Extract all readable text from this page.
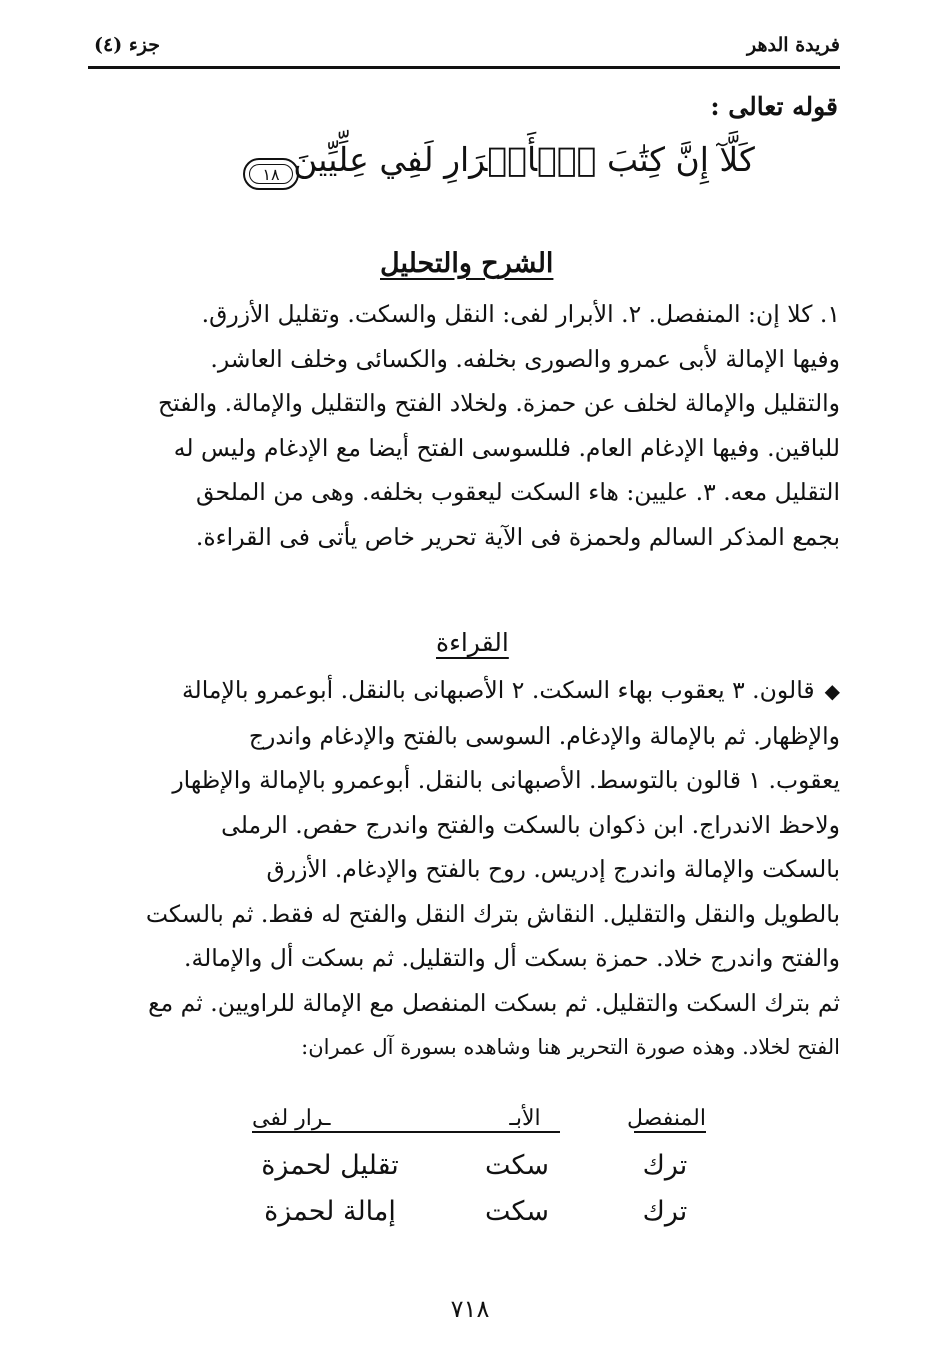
فريدة الدهر
جزء (٤)
قوله تعالى :
كَلَّآ إِنَّ كِتَٰبَ ٱلۡأَبۡرَارِ لَفِي عِلِّيِّينَ
١٨
الشرح والتحليل
١. كلا إن: المنفصل. ٢. الأبرار لفى: النقل والسكت. وتقليل الأزرق.
وفيها الإمالة لأبى عمرو والصورى بخلفه. والكسائى وخلف العاشر.
والتقليل والإمالة لخلف عن حمزة. ولخلاد الفتح والتقليل والإمالة. والفتح
للباقين. وفيها الإدغام العام. فللسوسى الفتح أيضا مع الإدغام وليس له
التقليل معه. ٣. عليين: هاء السكت ليعقوب بخلفه. وهى من الملحق
بجمع المذكر السالم ولحمزة فى الآية تحرير خاص يأتى فى القراءة.
القراءة
◆قالون. ٣ يعقوب بهاء السكت. ٢ الأصبهانى بالنقل. أبوعمرو بالإمالة
والإظهار. ثم بالإمالة والإدغام. السوسى بالفتح والإدغام واندرج
يعقوب. ١ قالون بالتوسط. الأصبهانى بالنقل. أبوعمرو بالإمالة والإظهار
ولاحظ الاندراج. ابن ذكوان بالسكت والفتح واندرج حفص. الرملى
بالسكت والإمالة واندرج إدريس. روح بالفتح والإدغام. الأزرق
بالطويل والنقل والتقليل. النقاش بترك النقل والفتح له فقط. ثم بالسكت
والفتح واندرج خلاد. حمزة بسكت أل والتقليل. ثم بسكت أل والإمالة.
ثم بترك السكت والتقليل. ثم بسكت المنفصل مع الإمالة للراويين. ثم مع
الفتح لخلاد. وهذه صورة التحرير هنا وشاهده بسورة آل عمران:
المنفصل
الأبـ
ـرار لفى
ترك
سكت
تقليل لحمزة
ترك
سكت
إمالة لحمزة
٧١٨
